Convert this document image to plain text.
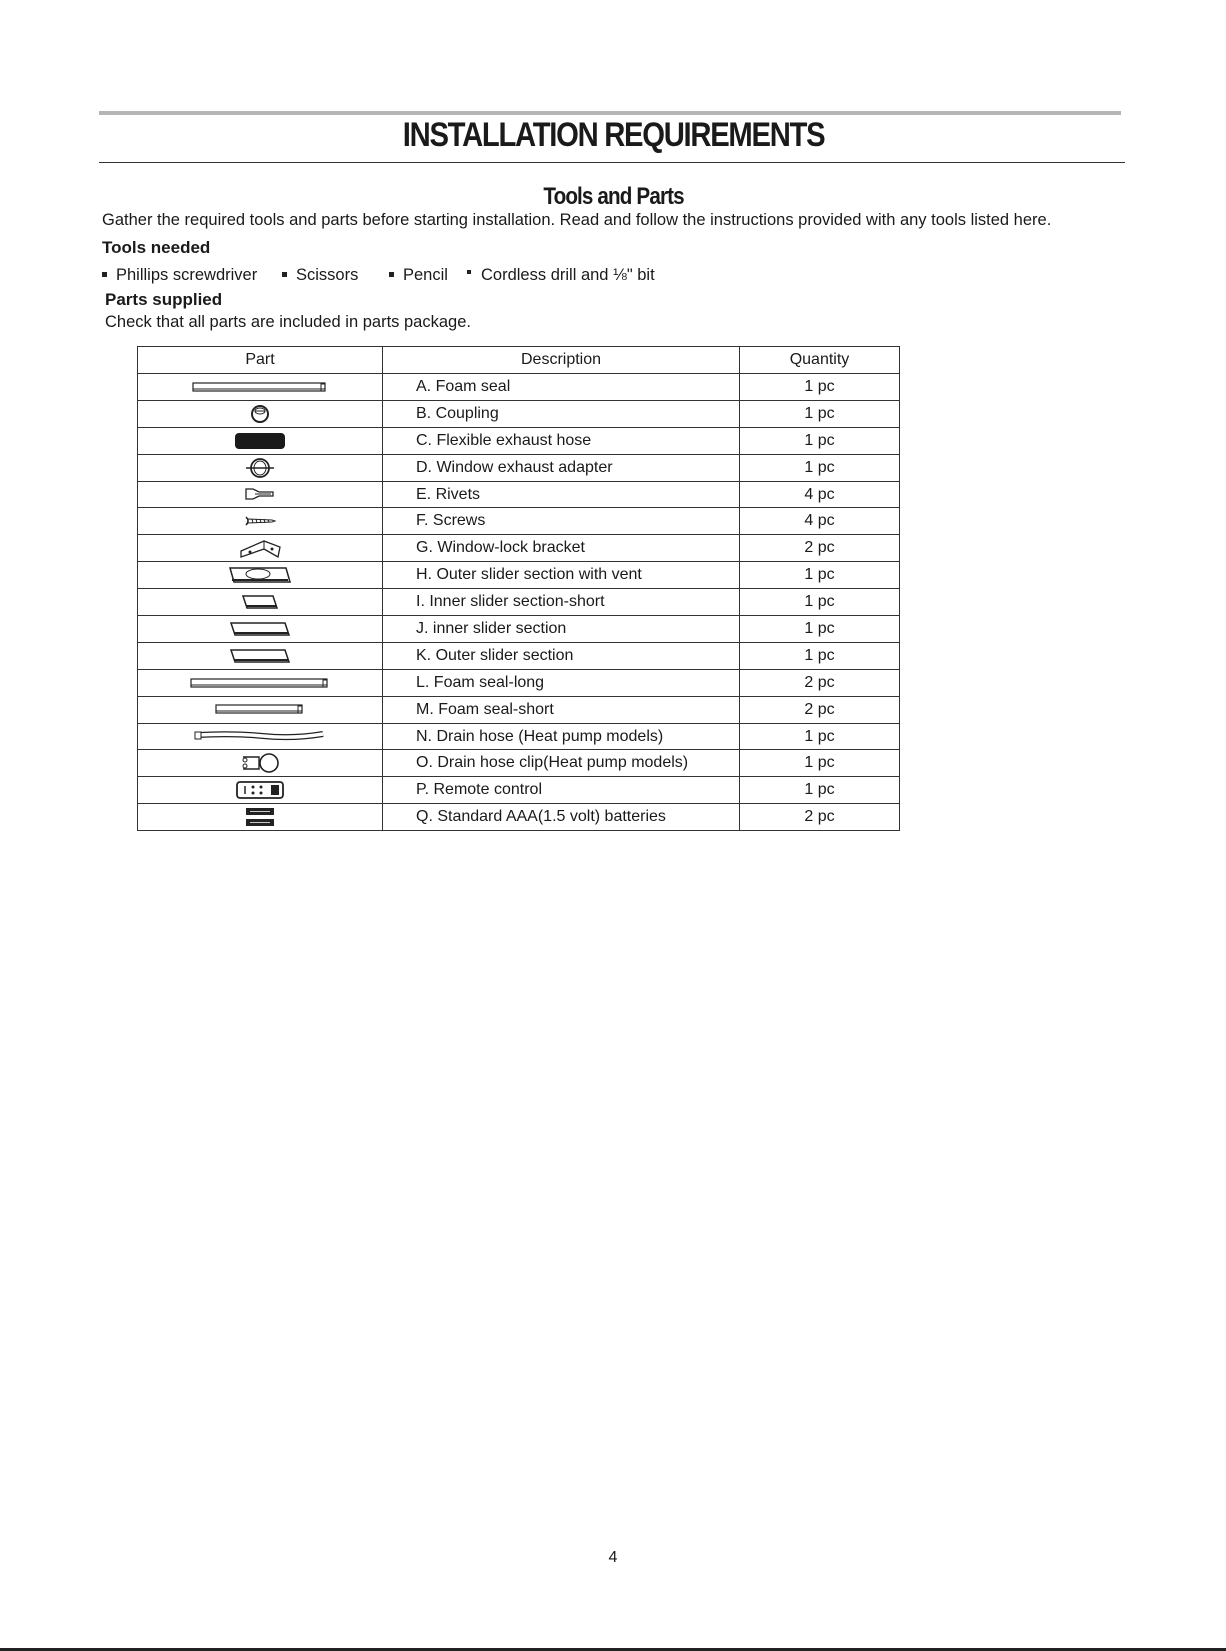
INSTALLATION REQUIREMENTS
Tools and Parts
Gather the required tools and parts before starting installation. Read and follow the instructions provided with any tools listed here.
Tools needed
Phillips screwdriver	Scissors	Pencil	Cordless drill and ⅛" bit
Parts supplied
Check that all parts are included in parts package.
Part	Description	Quantity
	A. Foam seal	1 pc
	B. Coupling	1 pc
	C. Flexible exhaust hose	1 pc
	D. Window exhaust adapter	1 pc
	E. Rivets	4 pc
	F. Screws	4 pc
	G. Window-lock bracket	2 pc
	H. Outer slider section with vent	1 pc
	I. Inner slider section-short	1 pc
	J. inner slider section	1 pc
	K. Outer slider section	1 pc
	L. Foam seal-long	2 pc
	M. Foam seal-short	2 pc
	N. Drain hose (Heat pump models)	1 pc
	O. Drain hose clip(Heat pump models)	1 pc
	P. Remote control	1 pc
	Q. Standard AAA(1.5 volt) batteries	2 pc
4
